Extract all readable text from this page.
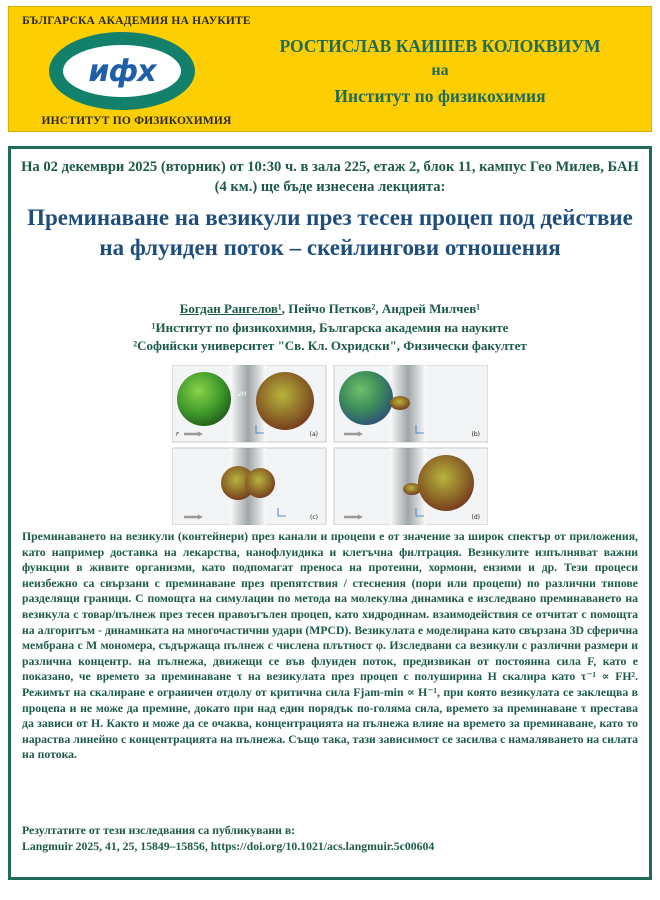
БЪЛГАРСКА АКАДЕМИЯ НА НАУКИТЕ
ифх
ИНСТИТУТ ПО ФИЗИКОХИМИЯ
РОСТИСЛАВ КАИШЕВ КОЛОКВИУМ
на
Институт по физикохимия
На 02 декември 2025 (вторник) от 10:30 ч. в зала 225, етаж 2, блок 11, кампус Гео Милев, БАН (4 км.) ще бъде изнесена лекцията:
Преминаване на везикули през тесен процеп под действие на флуиден поток – скейлингови отношения
Богдан Рангелов¹, Пейчо Петков², Андрей Милчев¹
¹Институт по физикохимия, Българска академия на науките
²Софийски университет "Св. Кл. Охридски", Физически факултет
2H
(a)
F	(b)
(c)	(d)
Преминаването на везикули (контейнери) през канали и процепи е от значение за широк спектър от приложения, като например доставка на лекарства, нанофлуидика и клетъчна филтрация. Везикулите изпълняват важни функции в живите организми, като подпомагат преноса на протеини, хормони, ензими и др. Тези процеси неизбежно са свързани с преминаване през препятствия / стеснения (пори или процепи) по различни типове разделящи граници. С помощта на симулации по метода на молекулна динамика е изследвано преминаването на везикула с товар/пълнеж през тесен правоъгълен процеп, като хидродинам. взаимодействия се отчитат с помощта на алгоритъм - динамиката на многочастични удари (MPCD). Везикулата е моделирана като свързана 3D сферична мембрана с M мономера, съдържаща пълнеж с числена плътност φ. Изследвани са везикули с различни размери и различна концентр. на пълнежа, движещи се във флуиден поток, предизвикан от постоянна сила F, като е показано, че времето за преминаване τ на везикулата през процеп с полуширина H скалира като τ⁻¹ ∝ FH². Режимът на скалиране е ограничен отдолу от критична сила Fjam-min ∝ H⁻¹, при която везикулата се заклещва в процепа и не може да премине, докато при над един порядък по-голяма сила, времето за преминаване τ престава да зависи от H. Както и може да се очаква, концентрацията на пълнежа влияе на времето за преминаване, като то нараства линейно с концентрацията на пълнежа. Също така, тази зависимост се засилва с намаляването на силата на потока.
Резултатите от тези изследвания са публикувани в:
Langmuir 2025, 41, 25, 15849–15856, https://doi.org/10.1021/acs.langmuir.5c00604
